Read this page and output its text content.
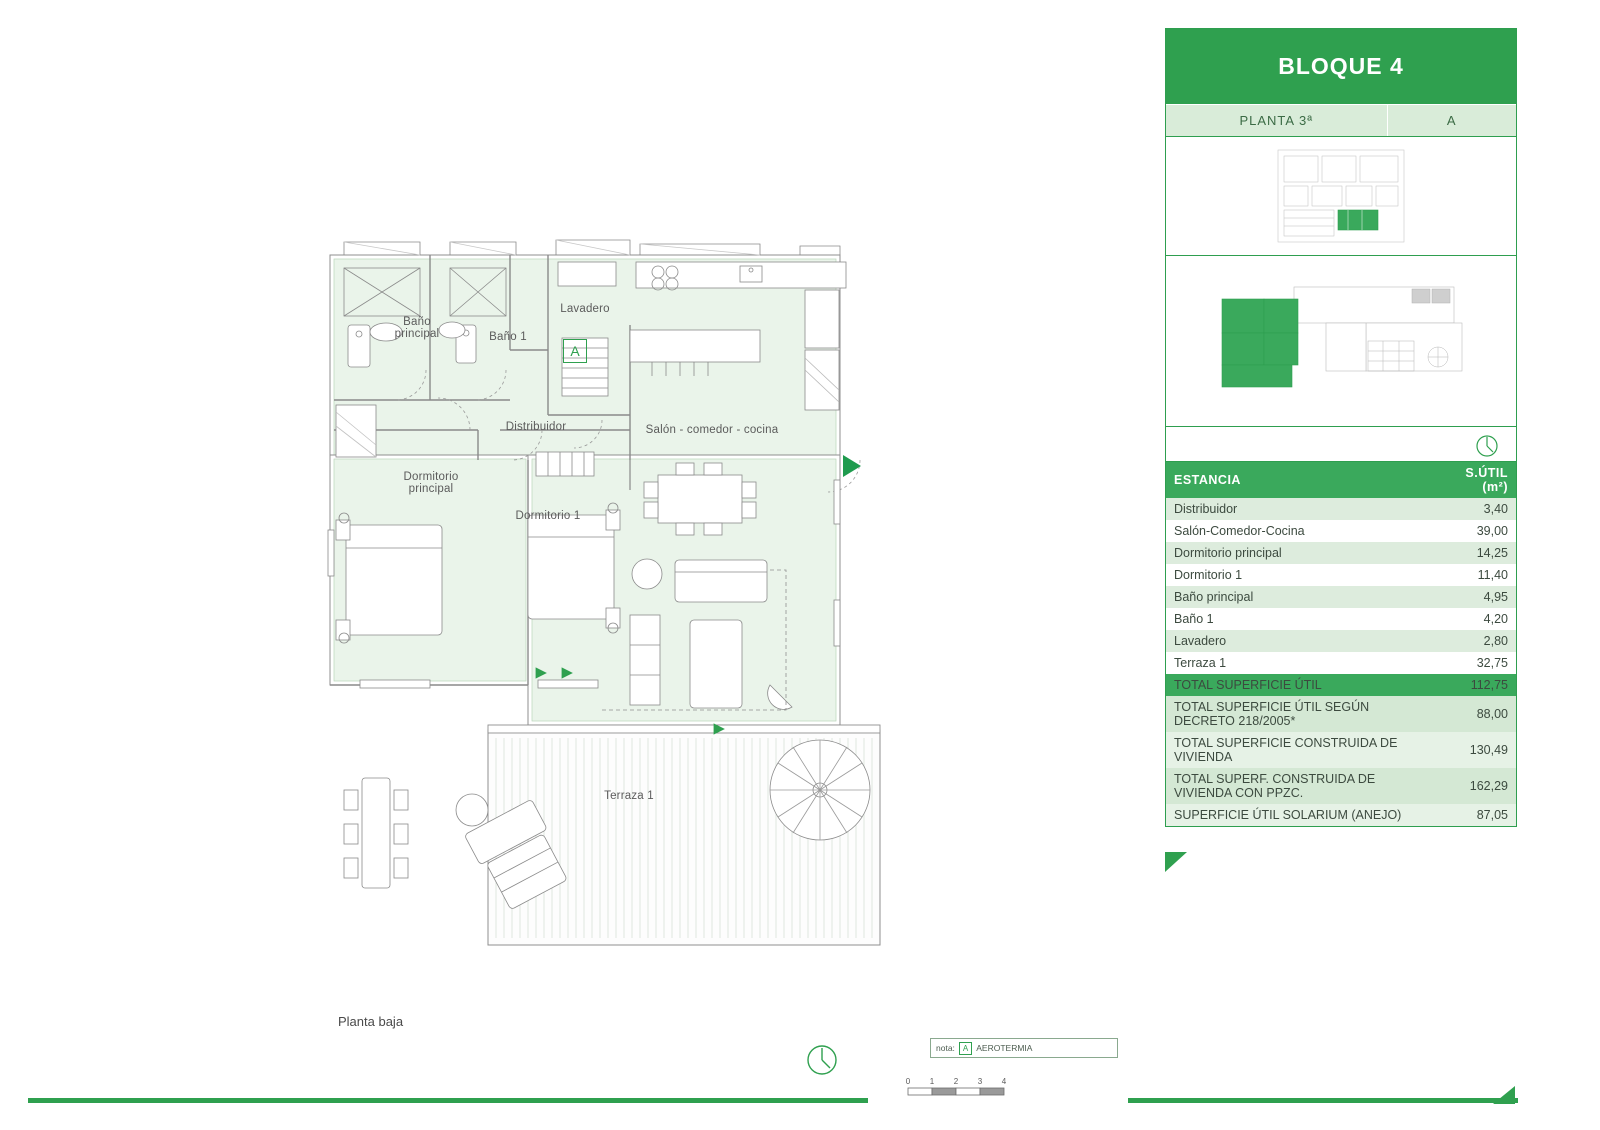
Baño
principal	Baño 1
Lavadero
Distribuidor	Salón - comedor - cocina
Dormitorio
principal
Dormitorio 1
Terraza 1
A
Planta baja
nota:	A AEROTERMIA
0 1 2 3 4
BLOQUE 4
PLANTA 3ª	A
ESTANCIA	S.ÚTIL (m²)
Distribuidor	3,40
Salón-Comedor-Cocina	39,00
Dormitorio principal	14,25
Dormitorio 1	11,40
Baño principal	4,95
Baño 1	4,20
Lavadero	2,80
Terraza 1	32,75
TOTAL SUPERFICIE ÚTIL	112,75
TOTAL SUPERFICIE ÚTIL SEGÚN DECRETO 218/2005*	88,00
TOTAL SUPERFICIE CONSTRUIDA DE VIVIENDA	130,49
TOTAL SUPERF. CONSTRUIDA DE VIVIENDA CON PPZC.	162,29
SUPERFICIE ÚTIL SOLARIUM (ANEJO)	87,05
